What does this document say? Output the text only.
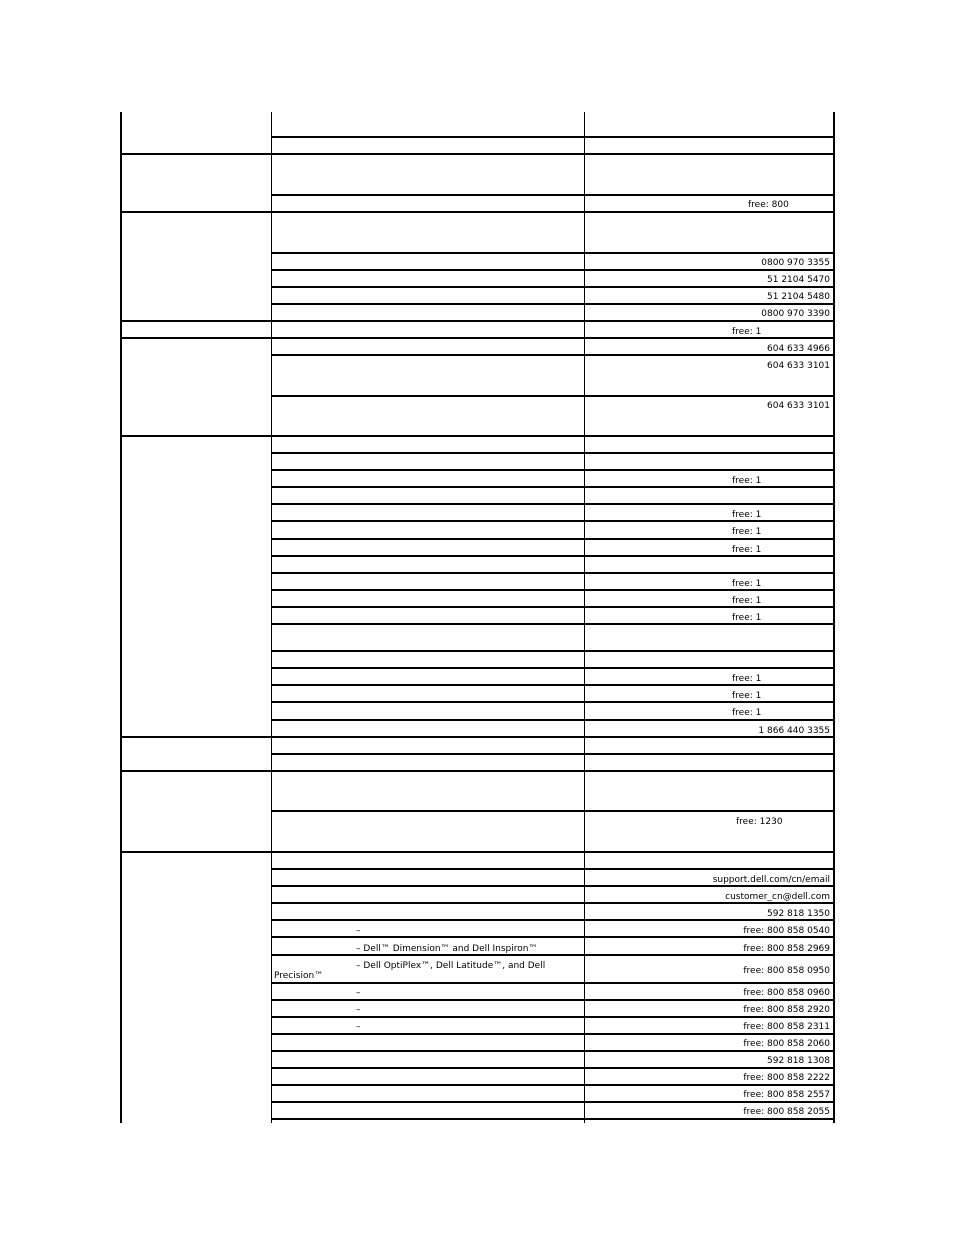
0800 970 3355
51 2104 5470
51 2104 5480
0800 970 3390
604 633 4966
604 633 3101
604 633 3101
1 866 440 3355
support.dell.com/cn/email
customer_cn@dell.com
592 818 1350
free: 800 858 0540
free: 800 858 2969
free: 800 858 0950
free: 800 858 0960
free: 800 858 2920
free: 800 858 2311
free: 800 858 2060
592 818 1308
free: 800 858 2222
free: 800 858 2557
free: 800 858 2055
free: 800
free: 1
free: 1
free: 1
free: 1
free: 1
free: 1
free: 1
free: 1
free: 1
free: 1
free: 1
free: 1230
–
– Dell™ Dimension™ and Dell Inspiron™
– Dell OptiPlex™, Dell Latitude™, and Dell
Precision™
–
–
–
